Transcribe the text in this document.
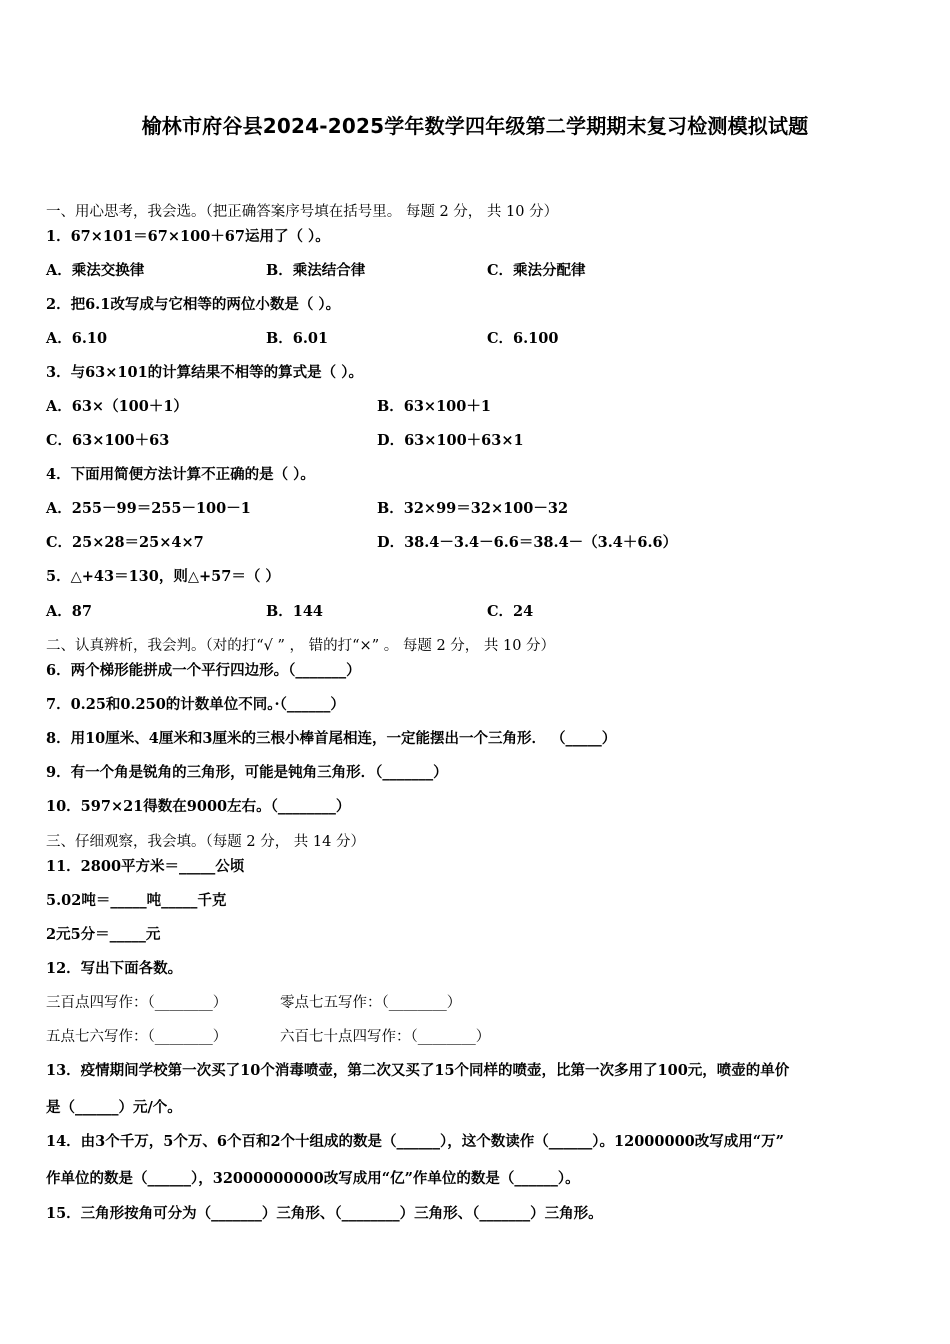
榆林市府谷县2024-2025学年数学四年级第二学期期末复习检测模拟试题
一、用心思考，我会选。（把正确答案序号填在括号里。 每题 2 分， 共 10 分）
1．67×101＝67×100＋67运用了（ ）。
A．乘法交换律	B．乘法结合律	C．乘法分配律
2．把6.1改写成与它相等的两位小数是（ ）。
A．6.10	B．6.01	C．6.100
3．与63×101的计算结果不相等的算式是（ ）。
A．63×（100＋1）	B．63×100＋1
C．63×100＋63	D．63×100＋63×1
4．下面用简便方法计算不正确的是（ ）。
A．255－99＝255－100－1	B．32×99＝32×100－32
C．25×28＝25×4×7	D．38.4－3.4－6.6＝38.4－（3.4＋6.6）
5．△+43＝130，则△+57＝（ ）
A．87	B．144	C．24
二、认真辨析，我会判。（对的打“√ ” ， 错的打“×” 。 每题 2 分， 共 10 分）
6．两个梯形能拼成一个平行四边形。（_______）
7．0.25和0.250的计数单位不同。·（______）
8．用10厘米、4厘米和3厘米的三根小棒首尾相连，一定能摆出一个三角形． （_____）
9．有一个角是锐角的三角形，可能是钝角三角形．（_______）
10．597×21得数在9000左右。（________）
三、仔细观察，我会填。（每题 2 分， 共 14 分）
11．2800平方米＝_____公顷
5.02吨＝_____吨_____千克
2元5分＝_____元
12．写出下面各数。
三百点四写作：（________）	零点七五写作：（________）
五点七六写作：（________）	六百七十点四写作：（________）
13．疫情期间学校第一次买了10个消毒喷壶，第二次又买了15个同样的喷壶，比第一次多用了100元，喷壶的单价
是（______）元/个。
14．由3个千万，5个万、6个百和2个十组成的数是（______），这个数读作（______）。12000000改写成用“万”
作单位的数是（______），32000000000改写成用“亿”作单位的数是（______）。
15．三角形按角可分为（_______）三角形、（________）三角形、（_______）三角形。
